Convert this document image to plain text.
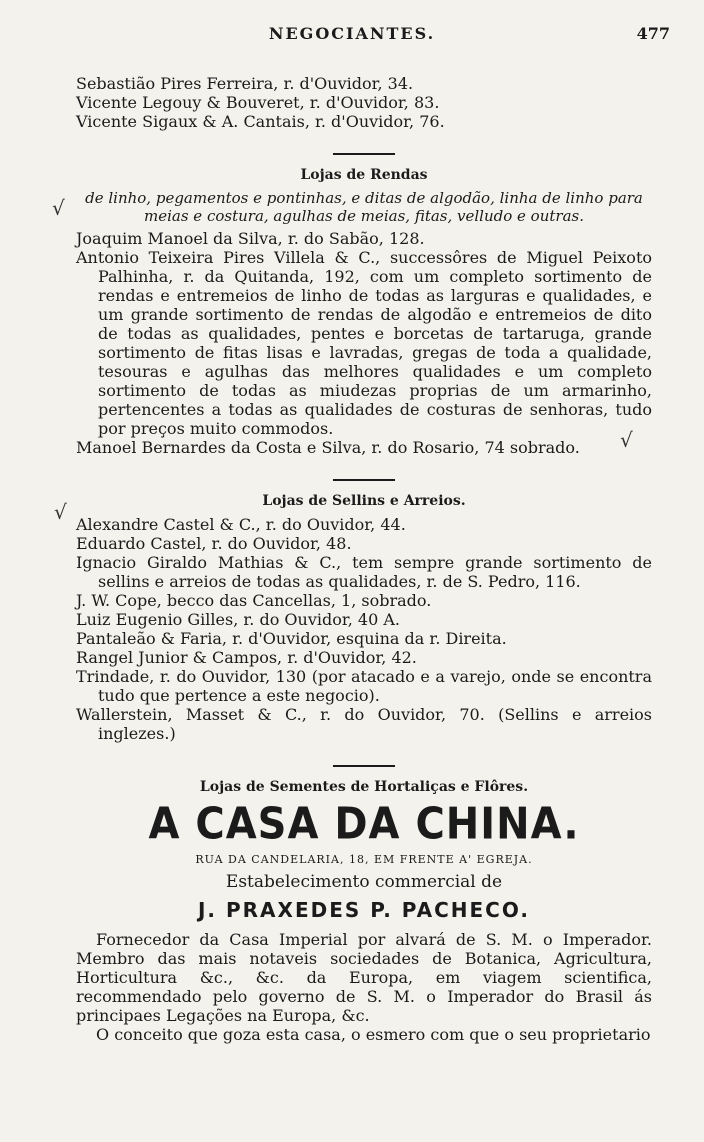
NEGOCIANTES.	477
√
√
√

Sebastião Pires Ferreira, r. d'Ouvidor, 34.

Vicente Legouy & Bouveret, r. d'Ouvidor, 83.

Vicente Sigaux & A. Cantais, r. d'Ouvidor, 76.

Lojas de Rendas

de linho, pegamentos e pontinhas, e ditas de algodão, linha de linho para meias e costura, agulhas de meias, fitas, velludo e outras.

Joaquim Manoel da Silva, r. do Sabão, 128.

Antonio Teixeira Pires Villela & C., successôres de Miguel Peixoto Palhinha, r. da Quitanda, 192, com um completo sortimento de rendas e entremeios de linho de todas as larguras e qualidades, e um grande sortimento de rendas de algodão e entremeios de dito de todas as qualidades, pentes e borcetas de tartaruga, grande sortimento de fitas lisas e lavradas, gregas de toda a qualidade, tesouras e agulhas das melhores qualidades e um completo sortimento de todas as miudezas proprias de um armarinho, pertencentes a todas as qualidades de costuras de senhoras, tudo por preços muito commodos.

Manoel Bernardes da Costa e Silva, r. do Rosario, 74 sobrado.

Lojas de Sellins e Arreios.

Alexandre Castel & C., r. do Ouvidor, 44.

Eduardo Castel, r. do Ouvidor, 48.

Ignacio Giraldo Mathias & C., tem sempre grande sortimento de sellins e arreios de todas as qualidades, r. de S. Pedro, 116.

J. W. Cope, becco das Cancellas, 1, sobrado.

Luiz Eugenio Gilles, r. do Ouvidor, 40 A.

Pantaleão & Faria, r. d'Ouvidor, esquina da r. Direita.

Rangel Junior & Campos, r. d'Ouvidor, 42.

Trindade, r. do Ouvidor, 130 (por atacado e a varejo, onde se encontra tudo que pertence a este negocio).

Wallerstein, Masset & C., r. do Ouvidor, 70. (Sellins e arreios inglezes.)

Lojas de Sementes de Hortaliças e Flôres.
A CASA DA CHINA.
RUA DA CANDELARIA, 18, EM FRENTE A' EGREJA.
Estabelecimento commercial de
J. PRAXEDES P. PACHECO.

Fornecedor da Casa Imperial por alvará de S. M. o Imperador. Membro das mais notaveis sociedades de Botanica, Agricultura, Horticultura &c., &c. da Europa, em viagem scientifica, recommendado pelo governo de S. M. o Imperador do Brasil ás principaes Legações na Europa, &c.

O conceito que goza esta casa, o esmero com que o seu proprietario
